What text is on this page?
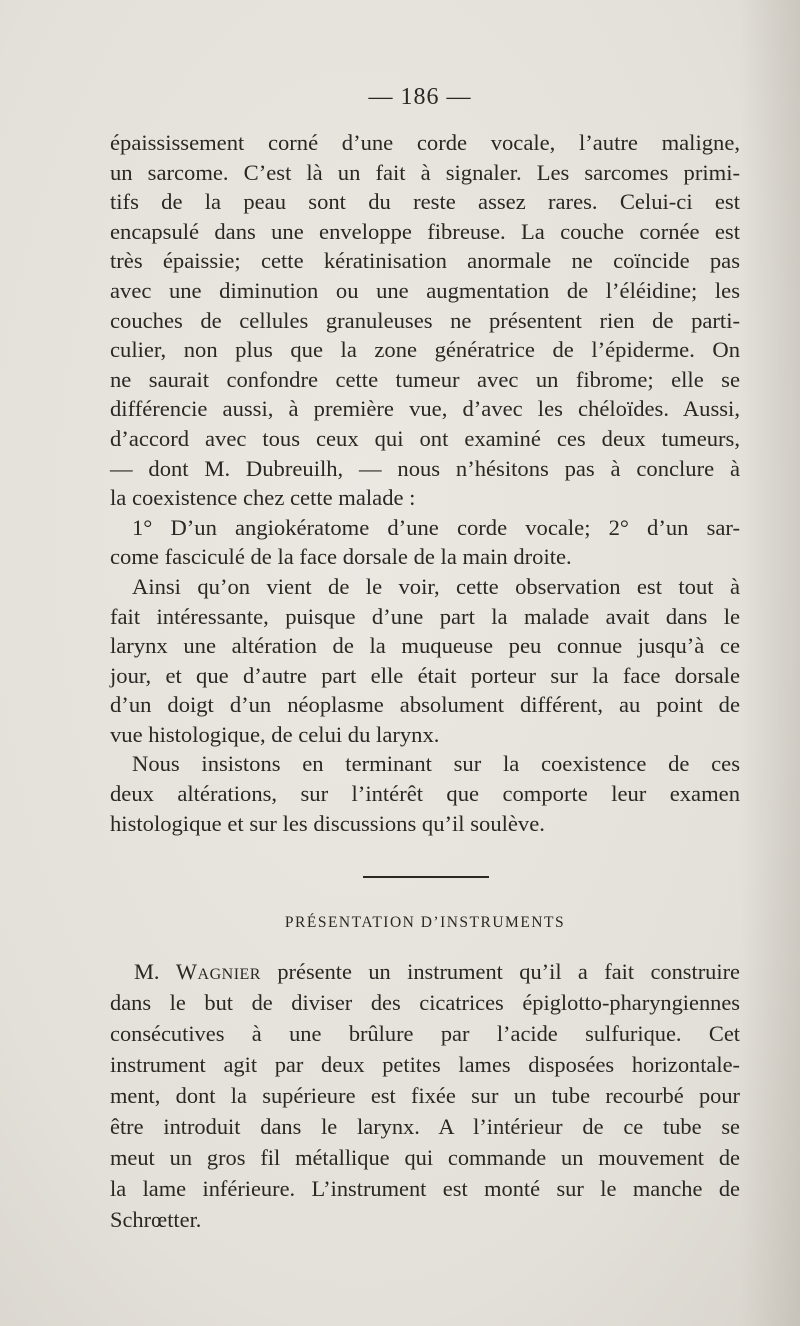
— 186 —
épaississement corné d’une corde vocale, l’autre maligne,
un sarcome. C’est là un fait à signaler. Les sarcomes primi-
tifs de la peau sont du reste assez rares. Celui-ci est
encapsulé dans une enveloppe fibreuse. La couche cornée est
très épaissie; cette kératinisation anormale ne coïncide pas
avec une diminution ou une augmentation de l’éléidine; les
couches de cellules granuleuses ne présentent rien de parti-
culier, non plus que la zone génératrice de l’épiderme. On
ne saurait confondre cette tumeur avec un fibrome; elle se
différencie aussi, à première vue, d’avec les chéloïdes. Aussi,
d’accord avec tous ceux qui ont examiné ces deux tumeurs,
— dont M. Dubreuilh, — nous n’hésitons pas à conclure à
la coexistence chez cette malade :
1° D’un angiokératome d’une corde vocale; 2° d’un sar-
come fasciculé de la face dorsale de la main droite.
Ainsi qu’on vient de le voir, cette observation est tout à
fait intéressante, puisque d’une part la malade avait dans le
larynx une altération de la muqueuse peu connue jusqu’à ce
jour, et que d’autre part elle était porteur sur la face dorsale
d’un doigt d’un néoplasme absolument différent, au point de
vue histologique, de celui du larynx.
Nous insistons en terminant sur la coexistence de ces
deux altérations, sur l’intérêt que comporte leur examen
histologique et sur les discussions qu’il soulève.
PRÉSENTATION D’INSTRUMENTS
M. Wagnier présente un instrument qu’il a fait construire
dans le but de diviser des cicatrices épiglotto-pharyngiennes
consécutives à une brûlure par l’acide sulfurique. Cet
instrument agit par deux petites lames disposées horizontale-
ment, dont la supérieure est fixée sur un tube recourbé pour
être introduit dans le larynx. A l’intérieur de ce tube se
meut un gros fil métallique qui commande un mouvement de
la lame inférieure. L’instrument est monté sur le manche de
Schrœtter.
